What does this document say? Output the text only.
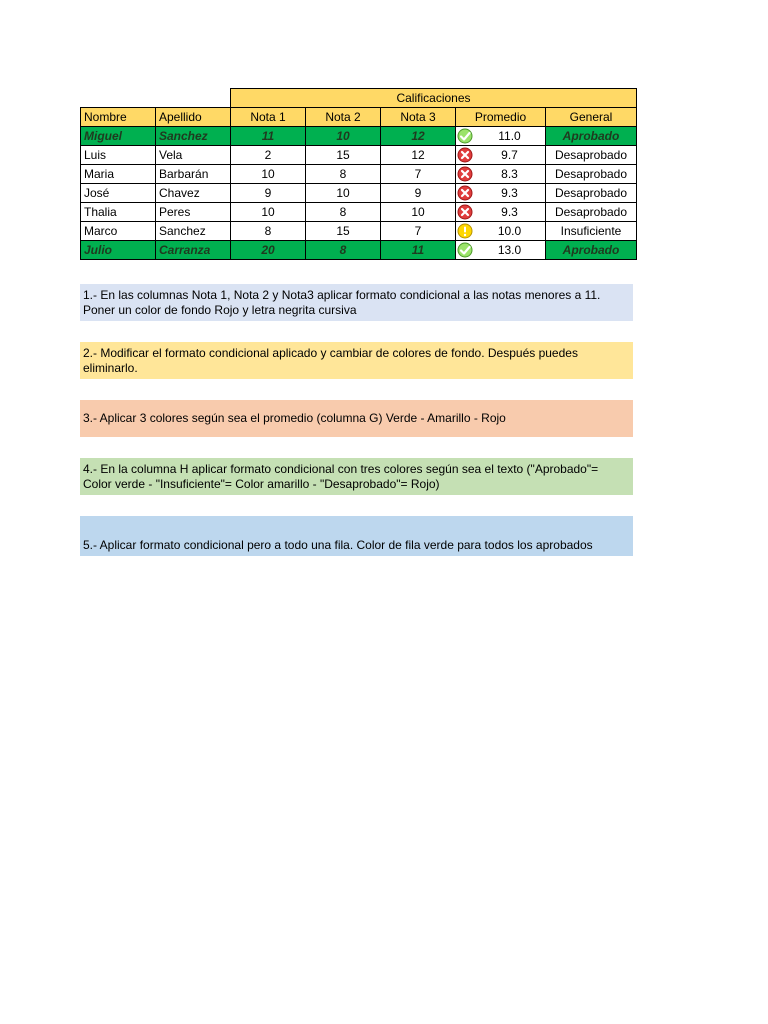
		Calificaciones				
Nombre	Apellido	Nota 1	Nota 2	Nota 3	Promedio	General
Miguel	Sanchez	11	10	12	11.0	Aprobado
Luis	Vela	2	15	12	9.7	Desaprobado
Maria	Barbarán	10	8	7	8.3	Desaprobado
José	Chavez	9	10	9	9.3	Desaprobado
Thalia	Peres	10	8	10	9.3	Desaprobado
Marco	Sanchez	8	15	7	10.0	Insuficiente
Julio	Carranza	20	8	11	13.0	Aprobado
1.- En las columnas Nota 1, Nota 2 y Nota3 aplicar formato condicional a las notas menores a 11. Poner un color de fondo Rojo y letra negrita cursiva
2.- Modificar el formato condicional aplicado y cambiar de colores de fondo. Después puedes eliminarlo.
3.- Aplicar 3 colores según sea el promedio (columna G) Verde - Amarillo - Rojo
4.- En la columna H aplicar formato condicional con tres colores según sea el texto ("Aprobado"= Color verde - "Insuficiente"= Color amarillo - "Desaprobado"= Rojo)
5.- Aplicar formato condicional pero a todo una fila. Color de fila verde para todos los aprobados
